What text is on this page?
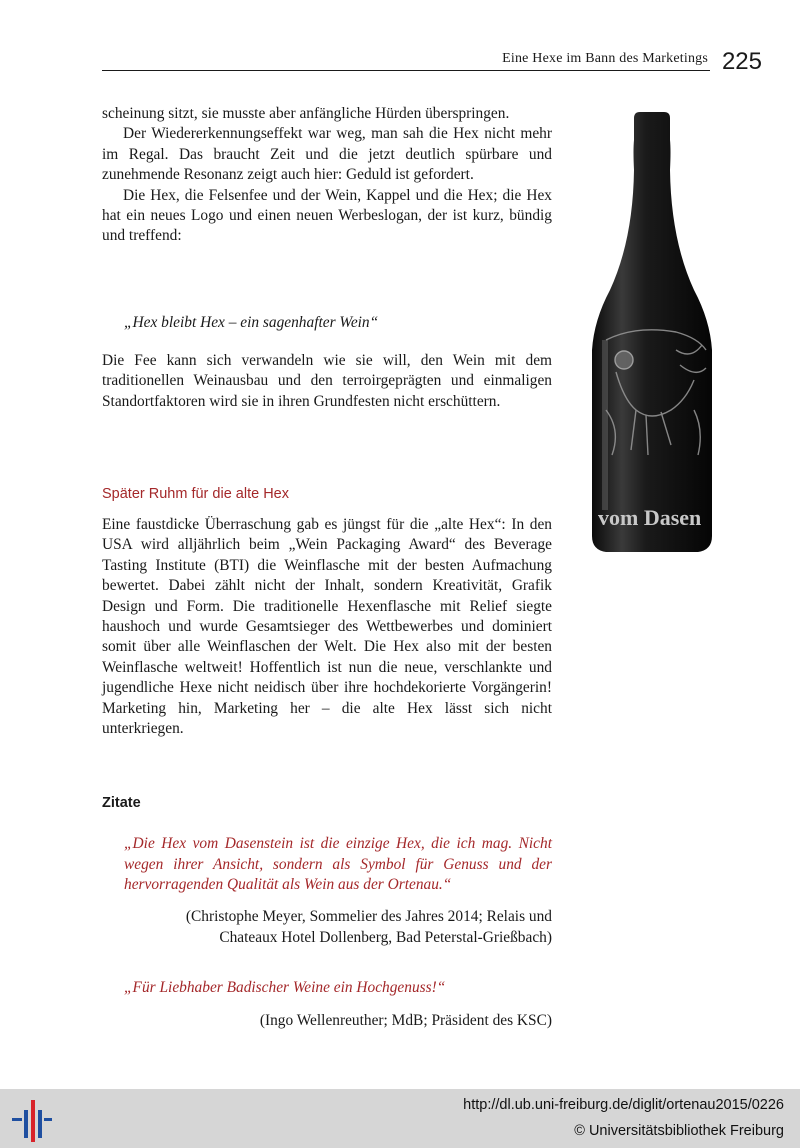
Eine Hexe im Bann des Marketings 225

scheinung sitzt, sie musste aber anfängliche Hürden überspringen.

Der Wiedererkennungseffekt war weg, man sah die Hex nicht mehr im Regal. Das braucht Zeit und die jetzt deutlich spürbare und zunehmende Resonanz zeigt auch hier: Geduld ist gefordert.

Die Hex, die Felsenfee und der Wein, Kappel und die Hex; die Hex hat ein neues Logo und einen neuen Werbeslogan, der ist kurz, bündig und treffend:

„Hex bleibt Hex – ein sagenhafter Wein“

Die Fee kann sich verwandeln wie sie will, den Wein mit dem traditionellen Weinausbau und den terroirgeprägten und einmaligen Standortfaktoren wird sie in ihren Grundfesten nicht erschüttern.

Später Ruhm für die alte Hex

Eine faustdicke Überraschung gab es jüngst für die „alte Hex“: In den USA wird alljährlich beim „Wein Packaging Award“ des Beverage Tasting Institute (BTI) die Weinflasche mit der besten Aufmachung bewertet. Dabei zählt nicht der Inhalt, sondern Kreativität, Grafik Design und Form. Die traditionelle Hexenflasche mit Relief siegte haushoch und wurde Gesamtsieger des Wettbewerbes und dominiert somit über alle Weinflaschen der Welt. Die Hex also mit der besten Weinflasche weltweit! Hoffentlich ist nun die neue, verschlankte und jugendliche Hexe nicht neidisch über ihre hochdekorierte Vorgängerin! Marketing hin, Marketing her – die alte Hex lässt sich nicht unterkriegen.

Zitate

„Die Hex vom Dasenstein ist die einzige Hex, die ich mag. Nicht wegen ihrer Ansicht, sondern als Symbol für Genuss und der hervorragenden Qualität als Wein aus der Ortenau.“

(Christophe Meyer, Sommelier des Jahres 2014; Relais und
Chateaux Hotel Dollenberg, Bad Peterstal-Grießbach)

„Für Liebhaber Badischer Weine ein Hochgenuss!“

(Ingo Wellenreuther; MdB; Präsident des KSC)

vom Dasen
http://dl.ub.uni-freiburg.de/diglit/ortenau2015/0226
© Universitätsbibliothek Freiburg
